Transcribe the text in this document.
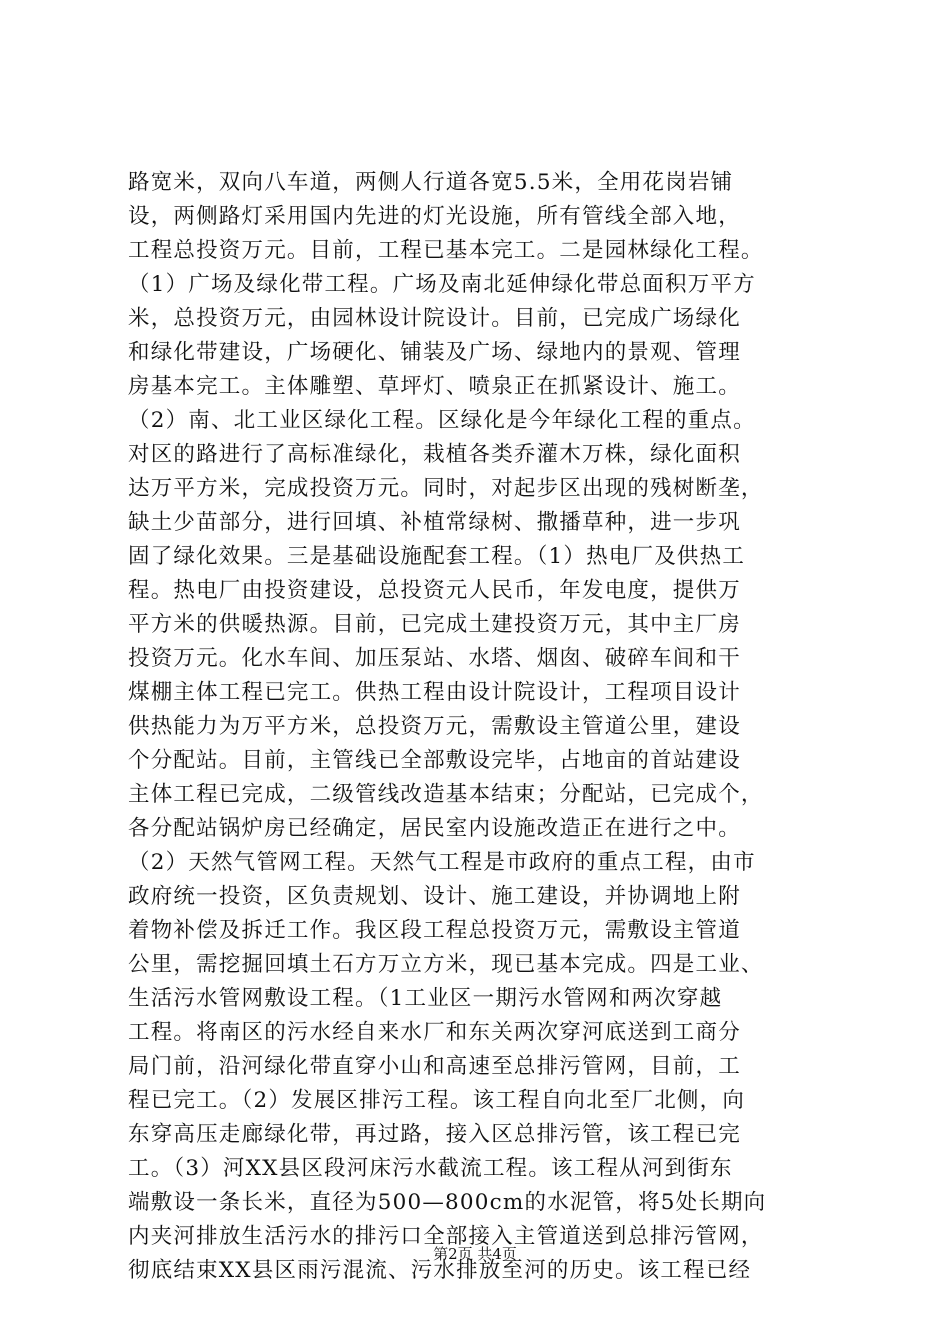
路宽米，双向八车道，两侧人行道各宽5.5米，全用花岗岩铺
设，两侧路灯采用国内先进的灯光设施，所有管线全部入地，
工程总投资万元。目前，工程已基本完工。二是园林绿化工程。
（1）广场及绿化带工程。广场及南北延伸绿化带总面积万平方
米，总投资万元，由园林设计院设计。目前，已完成广场绿化
和绿化带建设，广场硬化、铺装及广场、绿地内的景观、管理
房基本完工。主体雕塑、草坪灯、喷泉正在抓紧设计、施工。
（2）南、北工业区绿化工程。区绿化是今年绿化工程的重点。
对区的路进行了高标准绿化，栽植各类乔灌木万株，绿化面积
达万平方米，完成投资万元。同时，对起步区出现的残树断垄，
缺土少苗部分，进行回填、补植常绿树、撒播草种，进一步巩
固了绿化效果。三是基础设施配套工程。（1）热电厂及供热工
程。热电厂由投资建设，总投资元人民币，年发电度，提供万
平方米的供暖热源。目前，已完成土建投资万元，其中主厂房
投资万元。化水车间、加压泵站、水塔、烟囱、破碎车间和干
煤棚主体工程已完工。供热工程由设计院设计，工程项目设计
供热能力为万平方米，总投资万元，需敷设主管道公里，建设
个分配站。目前，主管线已全部敷设完毕，占地亩的首站建设
主体工程已完成，二级管线改造基本结束；分配站，已完成个，
各分配站锅炉房已经确定，居民室内设施改造正在进行之中。
（2）天然气管网工程。天然气工程是市政府的重点工程，由市
政府统一投资，区负责规划、设计、施工建设，并协调地上附
着物补偿及拆迁工作。我区段工程总投资万元，需敷设主管道
公里，需挖掘回填土石方万立方米，现已基本完成。四是工业、
生活污水管网敷设工程。（1工业区一期污水管网和两次穿越
工程。将南区的污水经自来水厂和东关两次穿河底送到工商分
局门前，沿河绿化带直穿小山和高速至总排污管网，目前，工
程已完工。（2）发展区排污工程。该工程自向北至厂北侧，向
东穿高压走廊绿化带，再过路，接入区总排污管，该工程已完
工。（3）河XX县区段河床污水截流工程。该工程从河到街东
端敷设一条长米，直径为500—800cm的水泥管，将5处长期向
内夹河排放生活污水的排污口全部接入主管道送到总排污管网，
彻底结束XX县区雨污混流、污水排放至河的历史。该工程已经
第2页 共4页
